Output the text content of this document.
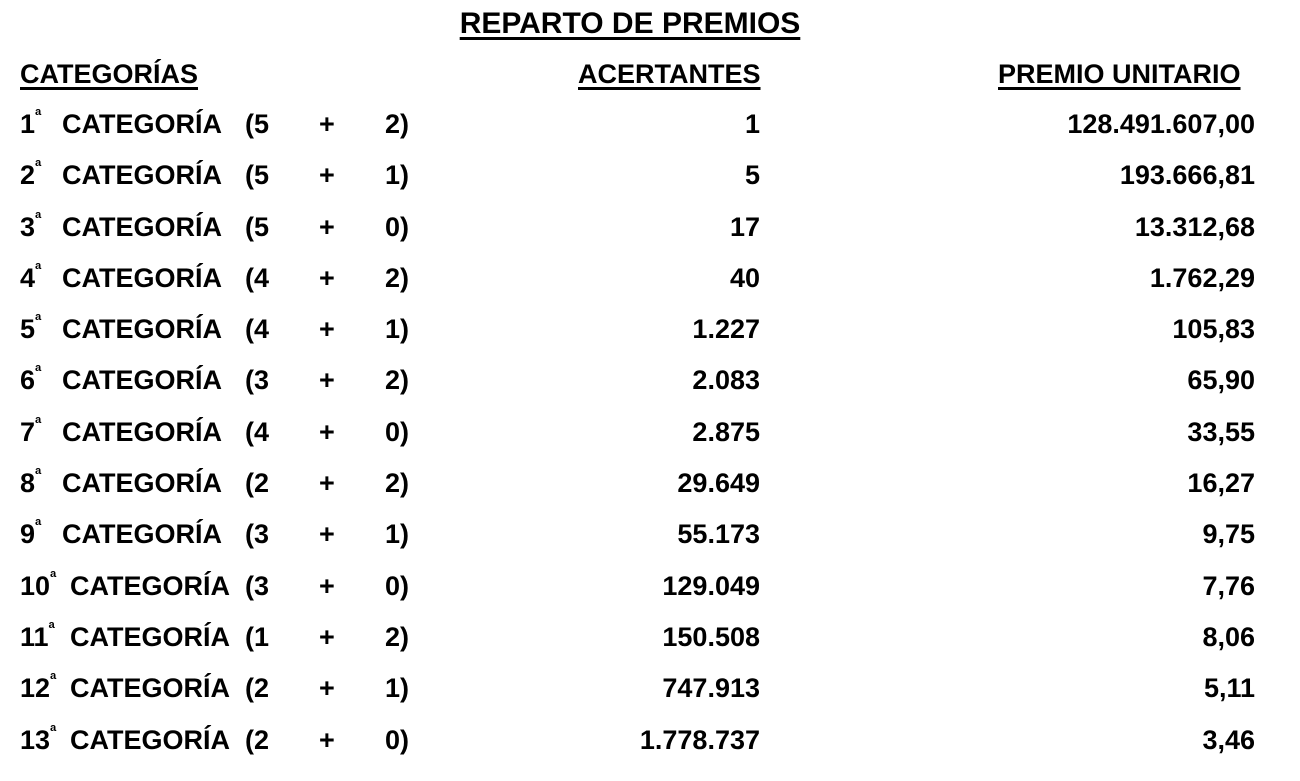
REPARTO DE PREMIOS
CATEGORÍAS	ACERTANTES	PREMIO UNITARIO
$1^ª$ CATEGORÍA (5 + 2)	1	128.491.607,00
$2^ª$ CATEGORÍA (5 + 1)	5	193.666,81
$3^ª$ CATEGORÍA (5 + 0)	17	13.312,68
$4^ª$ CATEGORÍA (4 + 2)	40	1.762,29
$5^ª$ CATEGORÍA (4 + 1)	1.227	105,83
$6^ª$ CATEGORÍA (3 + 2)	2.083	65,90
$7^ª$ CATEGORÍA (4 + 0)	2.875	33,55
$8^ª$ CATEGORÍA (2 + 2)	29.649	16,27
$9^ª$ CATEGORÍA (3 + 1)	55.173	9,75
$10^ª$ CATEGORÍA (3 + 0)	129.049	7,76
$11^ª$ CATEGORÍA (1 + 2)	150.508	8,06
$12^ª$ CATEGORÍA (2 + 1)	747.913	5,11
$13^ª$ CATEGORÍA (2 + 0)	1.778.737	3,46
